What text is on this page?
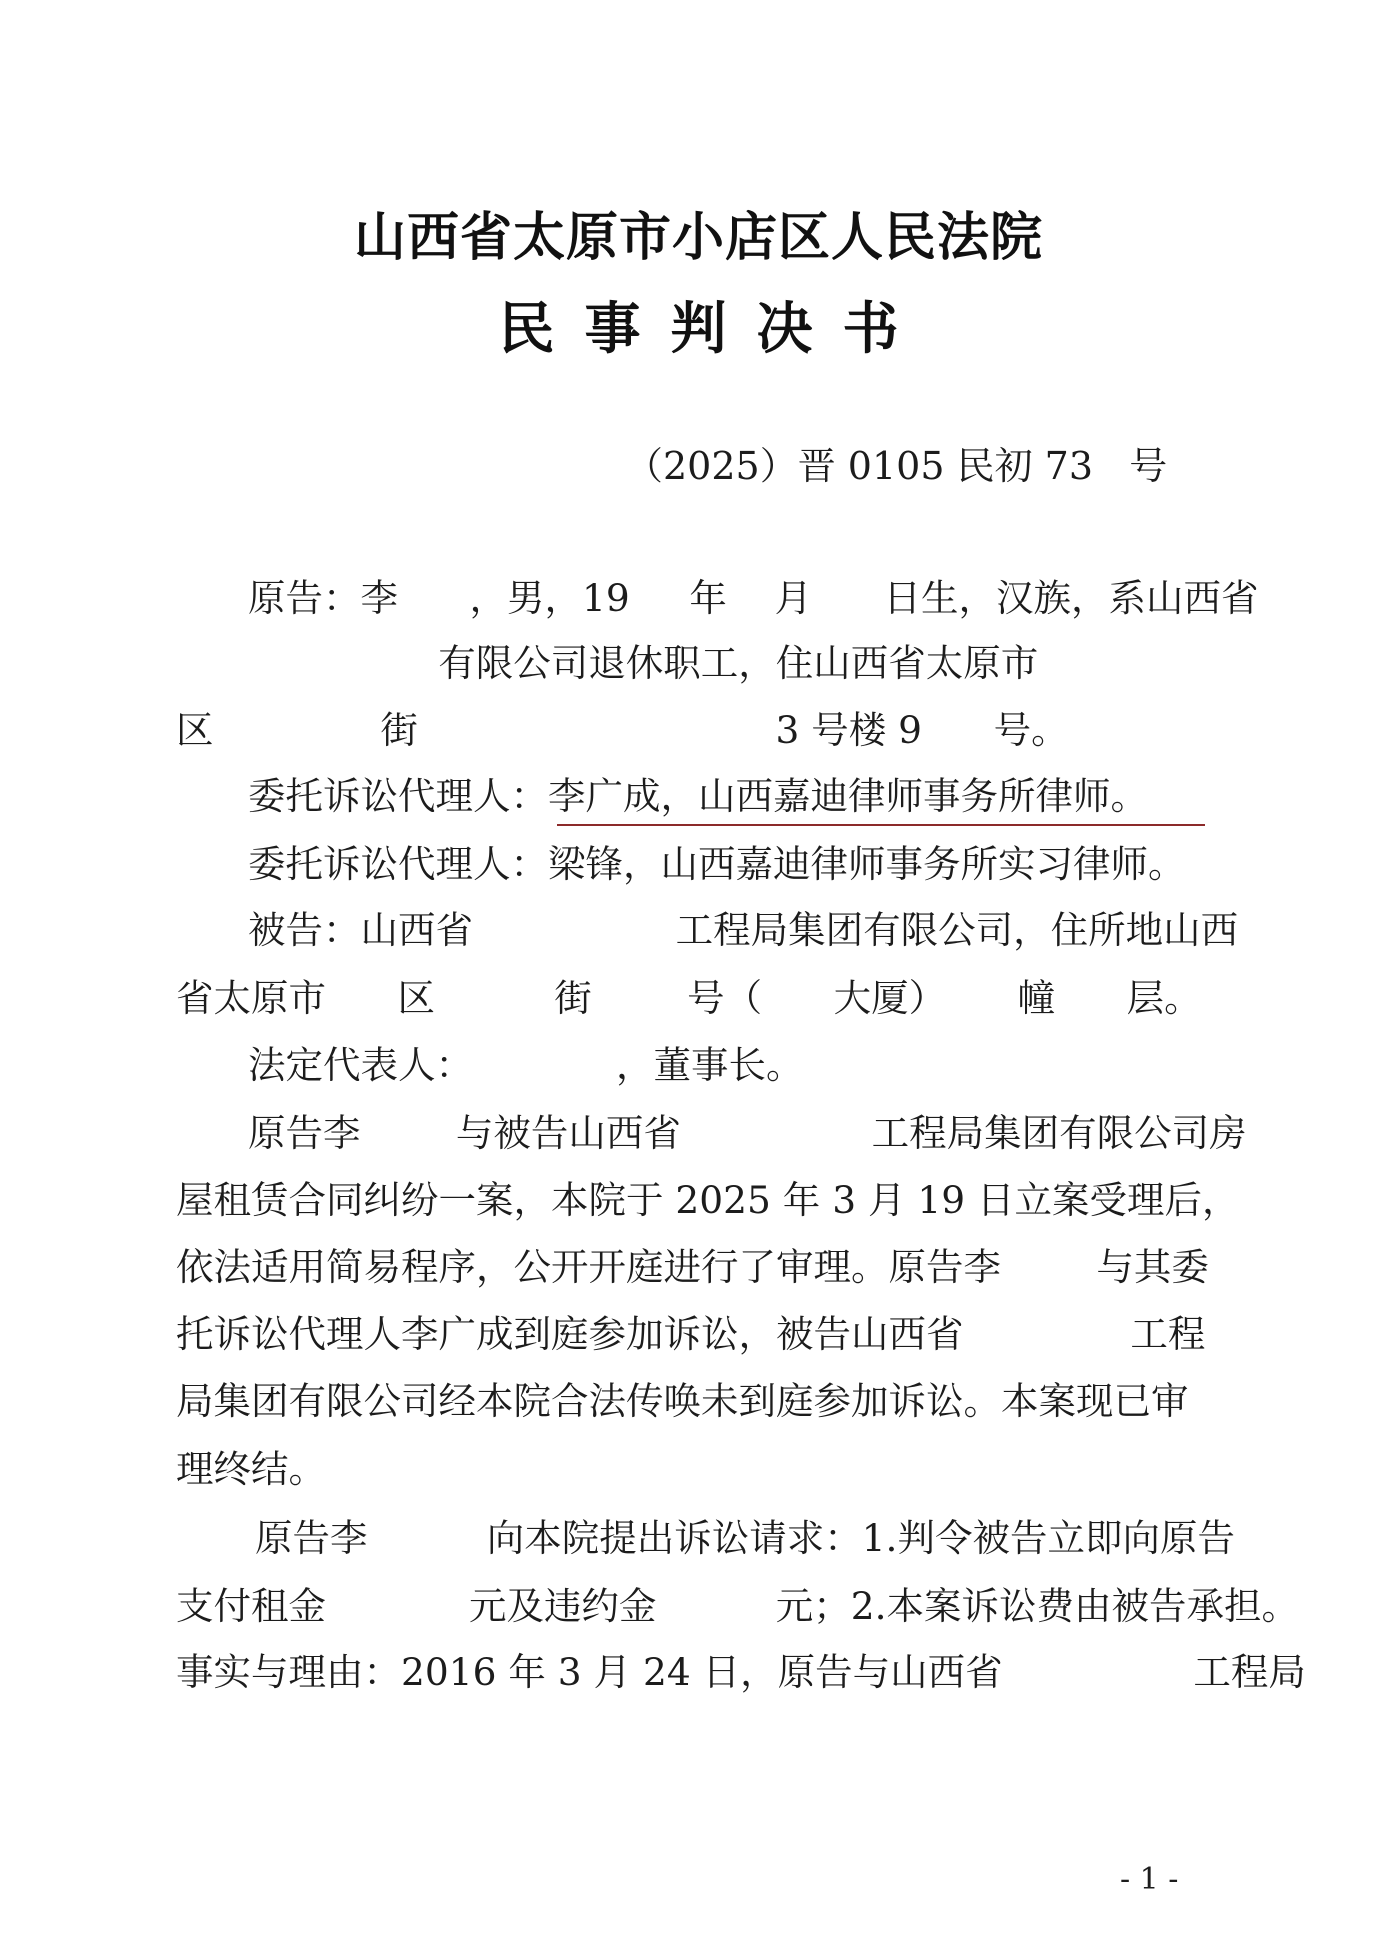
山西省太原市小店区人民法院
民事判决书
（2025）晋 0105 民初 73   号
原告：李      ，男，19     年    月      日生，汉族，系山西省
有限公司退休职工，住山西省太原市
区              街                              3 号楼 9      号。
委托诉讼代理人：李广成，山西嘉迪律师事务所律师。
委托诉讼代理人：梁锋，山西嘉迪律师事务所实习律师。
被告：山西省                 工程局集团有限公司，住所地山西
省太原市      区          街        号（      大厦）      幢      层。
法定代表人：            ，董事长。
原告李        与被告山西省                工程局集团有限公司房
屋租赁合同纠纷一案，本院于 2025 年 3 月 19 日立案受理后，
依法适用简易程序，公开开庭进行了审理。原告李        与其委
托诉讼代理人李广成到庭参加诉讼，被告山西省              工程
局集团有限公司经本院合法传唤未到庭参加诉讼。本案现已审
理终结。
原告李          向本院提出诉讼请求：1.判令被告立即向原告
支付租金            元及违约金          元；2.本案诉讼费由被告承担。
事实与理由：2016 年 3 月 24 日，原告与山西省                工程局
- 1 -
